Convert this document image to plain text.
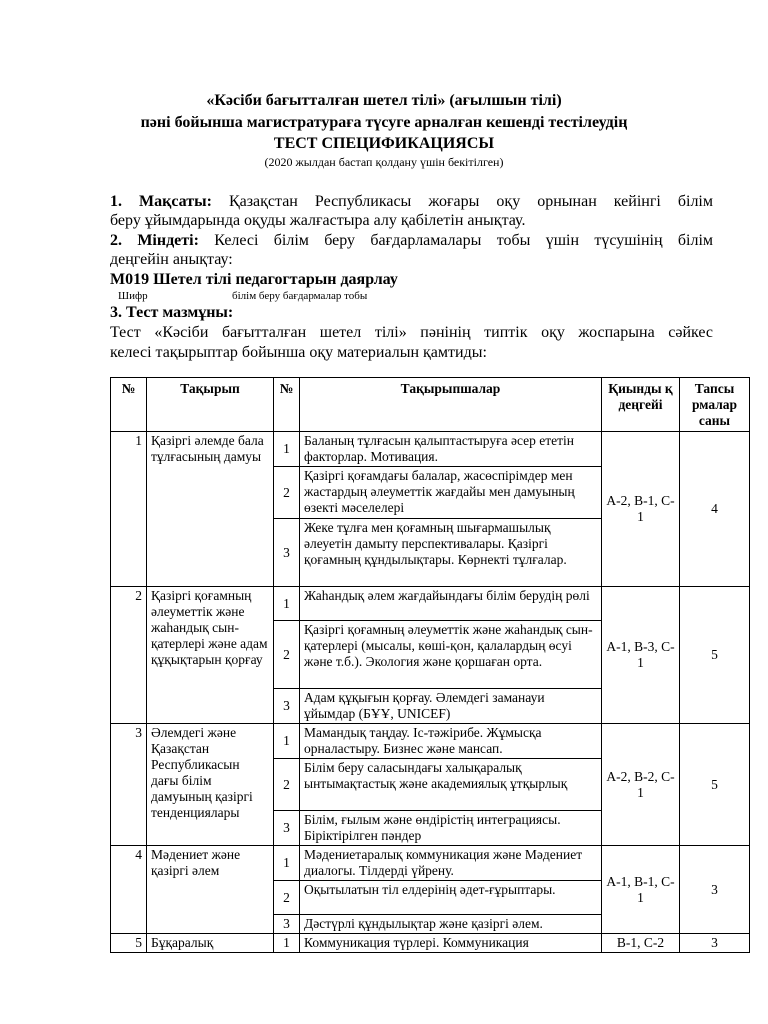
«Кәсіби бағытталған шетел тілі» (ағылшын тілі)
пәні бойынша магистратураға түсуге арналған кешенді тестілеудің
ТЕСТ СПЕЦИФИКАЦИЯСЫ
(2020 жылдан бастап қолдану үшін бекітілген)
1. Мақсаты: Қазақстан Республикасы жоғары оқу орнынан кейінгі білім
беру ұйымдарында оқуды жалғастыра алу қабілетін анықтау.
2. Міндеті: Келесі білім беру бағдарламалары тобы үшін түсушінің білім
деңгейін анықтау:
М019 Шетел тілі педагогтарын даярлау
Шифр	білім беру бағдармалар тобы
3. Тест мазмұны:
Тест «Кәсіби бағытталған шетел тілі» пәнінің типтік оқу жоспарына сәйкес
келесі тақырыптар бойынша оқу материалын қамтиды:
№	Тақырып	№	Тақырыпшалар	Қиынды қ деңгейі	Тапсы рмалар саны
1	Қазіргі әлемде бала тұлғасының дамуы	1	Баланың тұлғасын қалыптастыруға әсер ететін факторлар. Мотивация.	A-2, B-1, C-1	4
		2	Қазіргі қоғамдағы балалар, жасөспірімдер мен жастардың әлеуметтік жағдайы мен дамуының өзекті мәселелері		
		3	Жеке тұлға мен қоғамның шығармашылық әлеуетін дамыту перспективалары. Қазіргі қоғамның құндылықтары. Көрнекті тұлғалар.		
2	Қазіргі қоғамның әлеуметтік және жаһандық сын-қатерлері және адам құқықтарын қорғау	1	Жаһандық әлем жағдайындағы білім берудің рөлі	A-1, B-3, C-1	5
		2	Қазіргі қоғамның әлеуметтік және жаһандық сын-қатерлері (мысалы, көші-қон, қалалардың өсуі және т.б.). Экология және қоршаған орта.		
		3	Адам құқығын қорғау. Әлемдегі заманауи ұйымдар (БҰҰ, UNICEF)		
3	Әлемдегі және Қазақстан Республикасын дағы білім дамуының қазіргі тенденциялары	1	Мамандық таңдау. Іс-тәжірибе. Жұмысқа орналастыру. Бизнес және мансап.	A-2, B-2, C-1	5
		2	Білім беру саласындағы халықаралық ынтымақтастық және академиялық ұтқырлық		
		3	Білім, ғылым және өндірістің интеграциясы. Біріктірілген пәндер		
4	Мәдениет және қазіргі әлем	1	Мәдениетаралық коммуникация және Мәдениет диалогы. Тілдерді үйрену.	A-1, B-1, C-1	3
		2	Оқытылатын тіл елдерінің әдет-ғұрыптары.		
		3	Дәстүрлі құндылықтар және қазіргі әлем.		
5	Бұқаралық	1	Коммуникация түрлері. Коммуникация	B-1, C-2	3
